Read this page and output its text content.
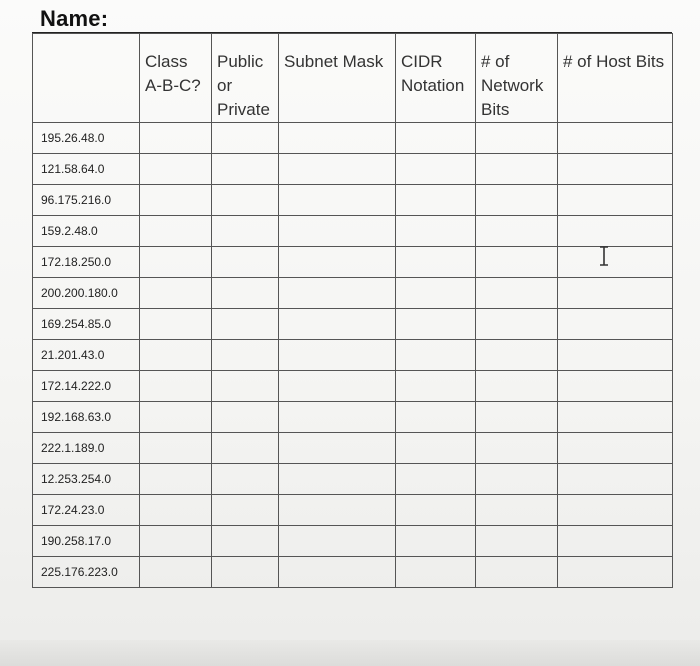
Name:
	Class A-B-C?	Public or Private	Subnet Mask	CIDR Notation	# of Network Bits	# of Host Bits
195.26.48.0						
121.58.64.0						
96.175.216.0						
159.2.48.0						
172.18.250.0						
200.200.180.0						
169.254.85.0						
21.201.43.0						
172.14.222.0						
192.168.63.0						
222.1.189.0						
12.253.254.0						
172.24.23.0						
190.258.17.0						
225.176.223.0						
